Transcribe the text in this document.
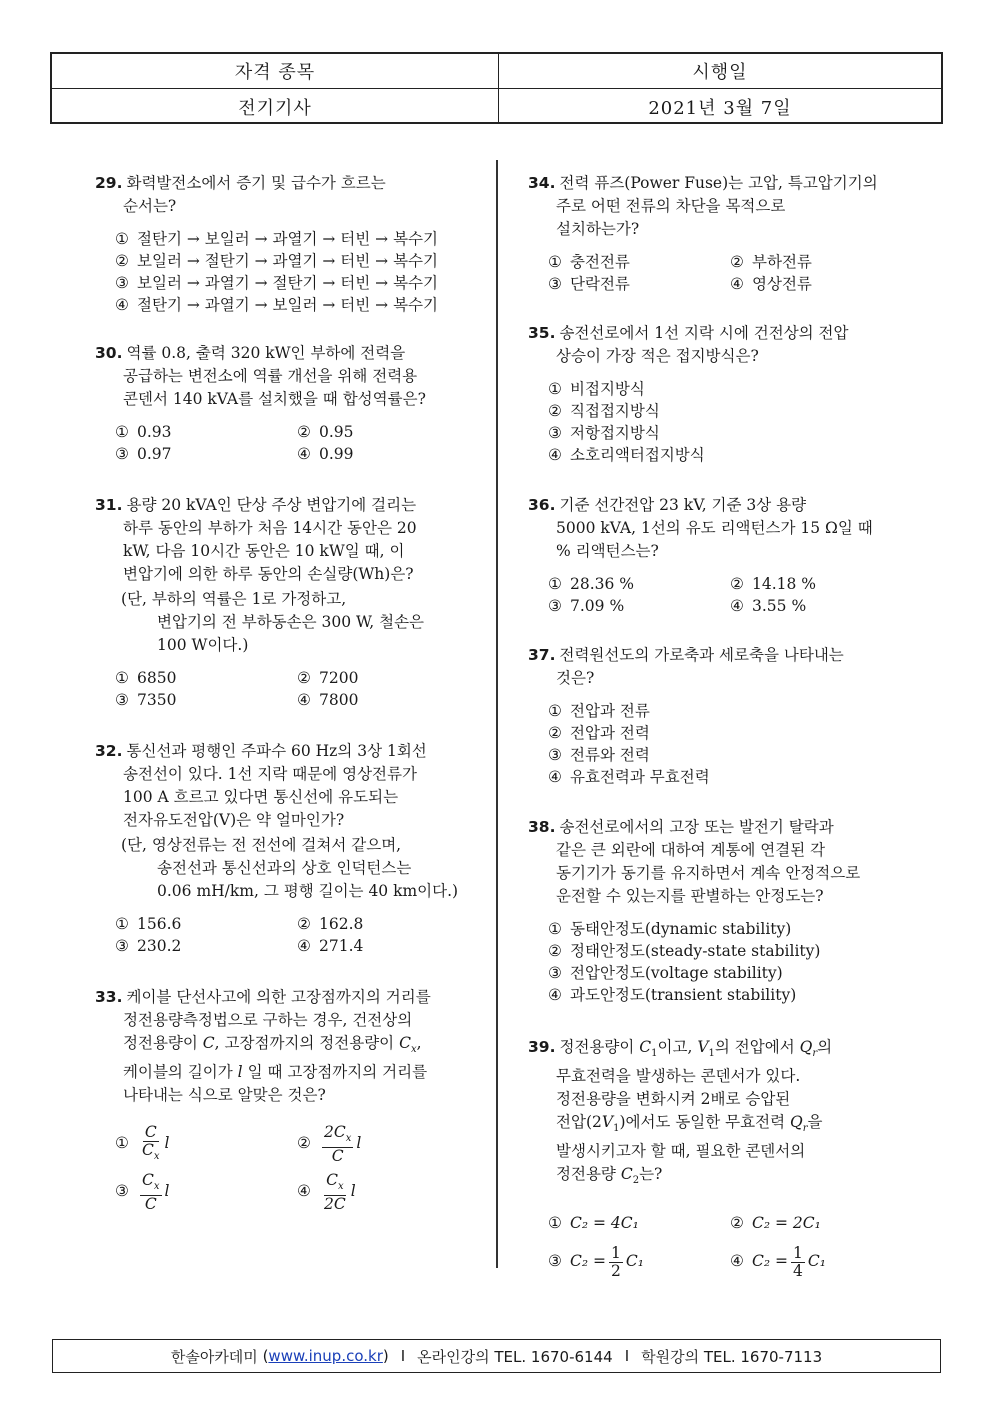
자격 종목	시행일
전기기사	2021년 3월 7일
29. 화력발전소에서 증기 및 급수가 흐르는
순서는?
① 절탄기 → 보일러 → 과열기 → 터빈 → 복수기
② 보일러 → 절탄기 → 과열기 → 터빈 → 복수기
③ 보일러 → 과열기 → 절탄기 → 터빈 → 복수기
④ 절탄기 → 과열기 → 보일러 → 터빈 → 복수기
30. 역률 0.8, 출력 320 kW인 부하에 전력을
공급하는 변전소에 역률 개선을 위해 전력용
콘덴서 140 kVA를 설치했을 때 합성역률은?
① 0.93	② 0.95
③ 0.97	④ 0.99
31. 용량 20 kVA인 단상 주상 변압기에 걸리는
하루 동안의 부하가 처음 14시간 동안은 20
kW, 다음 10시간 동안은 10 kW일 때, 이
변압기에 의한 하루 동안의 손실량(Wh)은?
(단, 부하의 역률은 1로 가정하고,
변압기의 전 부하동손은 300 W, 철손은
100 W이다.)
① 6850	② 7200
③ 7350	④ 7800
32. 통신선과 평행인 주파수 60 Hz의 3상 1회선
송전선이 있다. 1선 지락 때문에 영상전류가
100 A 흐르고 있다면 통신선에 유도되는
전자유도전압(V)은 약 얼마인가?
(단, 영상전류는 전 전선에 걸쳐서 같으며,
송전선과 통신선과의 상호 인덕턴스는
0.06 mH/km, 그 평행 길이는 40 km이다.)
① 156.6	② 162.8
③ 230.2	④ 271.4
33. 케이블 단선사고에 의한 고장점까지의 거리를
정전용량측정법으로 구하는 경우, 건전상의
정전용량이 C, 고장점까지의 정전용량이 $C_x$,
케이블의 길이가 l 일 때 고장점까지의 거리를
나타내는 식으로 알맞은 것은?
① $\frac{C}{C_x}$ l	② $\frac{2C_x}{C}$ l
③ $\frac{C_x}{C}$ l	④ $\frac{C_x}{2C}$ l
34. 전력 퓨즈(Power Fuse)는 고압, 특고압기기의
주로 어떤 전류의 차단을 목적으로
설치하는가?
① 충전전류	② 부하전류
③ 단락전류	④ 영상전류
35. 송전선로에서 1선 지락 시에 건전상의 전압
상승이 가장 적은 접지방식은?
① 비접지방식
② 직접접지방식
③ 저항접지방식
④ 소호리액터접지방식
36. 기준 선간전압 23 kV, 기준 3상 용량
5000 kVA, 1선의 유도 리액턴스가 15 Ω일 때
% 리액턴스는?
① 28.36 %	② 14.18 %
③ 7.09 %	④ 3.55 %
37. 전력원선도의 가로축과 세로축을 나타내는
것은?
① 전압과 전류
② 전압과 전력
③ 전류와 전력
④ 유효전력과 무효전력
38. 송전선로에서의 고장 또는 발전기 탈락과
같은 큰 외란에 대하여 계통에 연결된 각
동기기가 동기를 유지하면서 계속 안정적으로
운전할 수 있는지를 판별하는 안정도는?
① 동태안정도(dynamic stability)
② 정태안정도(steady-state stability)
③ 전압안정도(voltage stability)
④ 과도안정도(transient stability)
39. 정전용량이 $C_1$이고, $V_1$의 전압에서 $Q_r$의
무효전력을 발생하는 콘덴서가 있다.
정전용량을 변화시켜 2배로 승압된
전압$(2V_1)$에서도 동일한 무효전력 $Q_r$을
발생시키고자 할 때, 필요한 콘덴서의
정전용량 $C_2$는?
① C₂ = 4C₁	② C₂ = 2C₁
③ $C_2 = \frac{1}{2} C_1$	④ $C_2 = \frac{1}{4} C_1$
한솔아카데미 ( www.inup.co.kr ) I 온라인강의 TEL. 1670-6144 I 학원강의 TEL. 1670-7113
